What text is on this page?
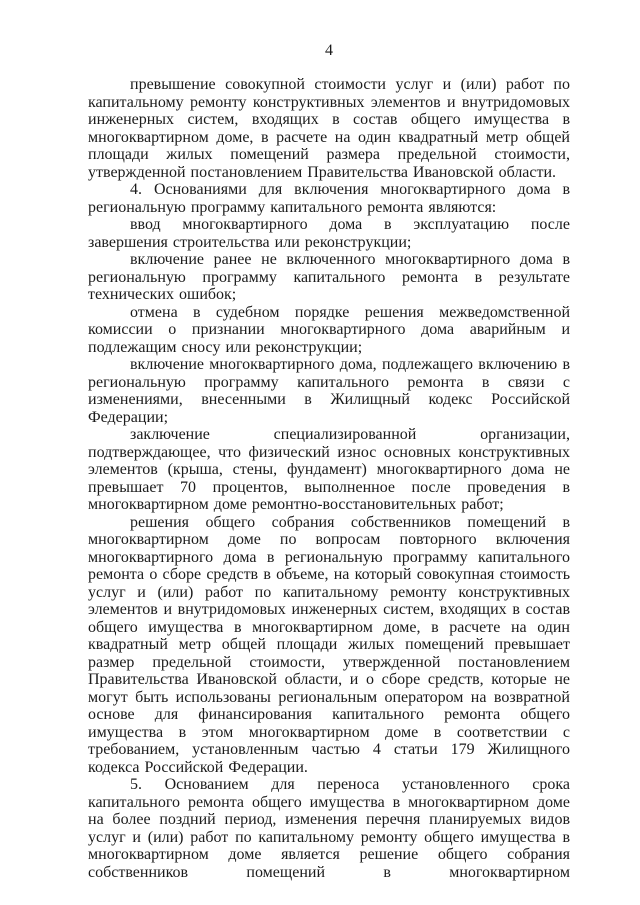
4

превышение совокупной стоимости услуг и (или) работ по капитальному ремонту конструктивных элементов и внутридомовых инженерных систем, входящих в состав общего имущества в многоквартирном доме, в расчете на один квадратный метр общей площади жилых помещений размера предельной стоимости, утвержденной постановлением Правительства Ивановской области.

4. Основаниями для включения многоквартирного дома в региональную программу капитального ремонта являются:

ввод многоквартирного дома в эксплуатацию после завершения строительства или реконструкции;

включение ранее не включенного многоквартирного дома в региональную программу капитального ремонта в результате технических ошибок;

отмена в судебном порядке решения межведомственной комиссии о признании многоквартирного дома аварийным и подлежащим сносу или реконструкции;

включение многоквартирного дома, подлежащего включению в региональную программу капитального ремонта в связи с изменениями, внесенными в Жилищный кодекс Российской Федерации;

заключение специализированной организации, подтверждающее, что физический износ основных конструктивных элементов (крыша, стены, фундамент) многоквартирного дома не превышает 70 процентов, выполненное после проведения в многоквартирном доме ремонтно-восстановительных работ;

решения общего собрания собственников помещений в многоквартирном доме по вопросам повторного включения многоквартирного дома в региональную программу капитального ремонта о сборе средств в объеме, на который совокупная стоимость услуг и (или) работ по капитальному ремонту конструктивных элементов и внутридомовых инженерных систем, входящих в состав общего имущества в многоквартирном доме, в расчете на один квадратный метр общей площади жилых помещений превышает размер предельной стоимости, утвержденной постановлением Правительства Ивановской области, и о сборе средств, которые не могут быть использованы региональным оператором на возвратной основе для финансирования капитального ремонта общего имущества в этом многоквартирном доме в соответствии с требованием, установленным частью 4 статьи 179 Жилищного кодекса Российской Федерации.

5. Основанием для переноса установленного срока капитального ремонта общего имущества в многоквартирном доме на более поздний период, изменения перечня планируемых видов услуг и (или) работ по капитальному ремонту общего имущества в многоквартирном доме является решение общего собрания собственников помещений в многоквартирном
